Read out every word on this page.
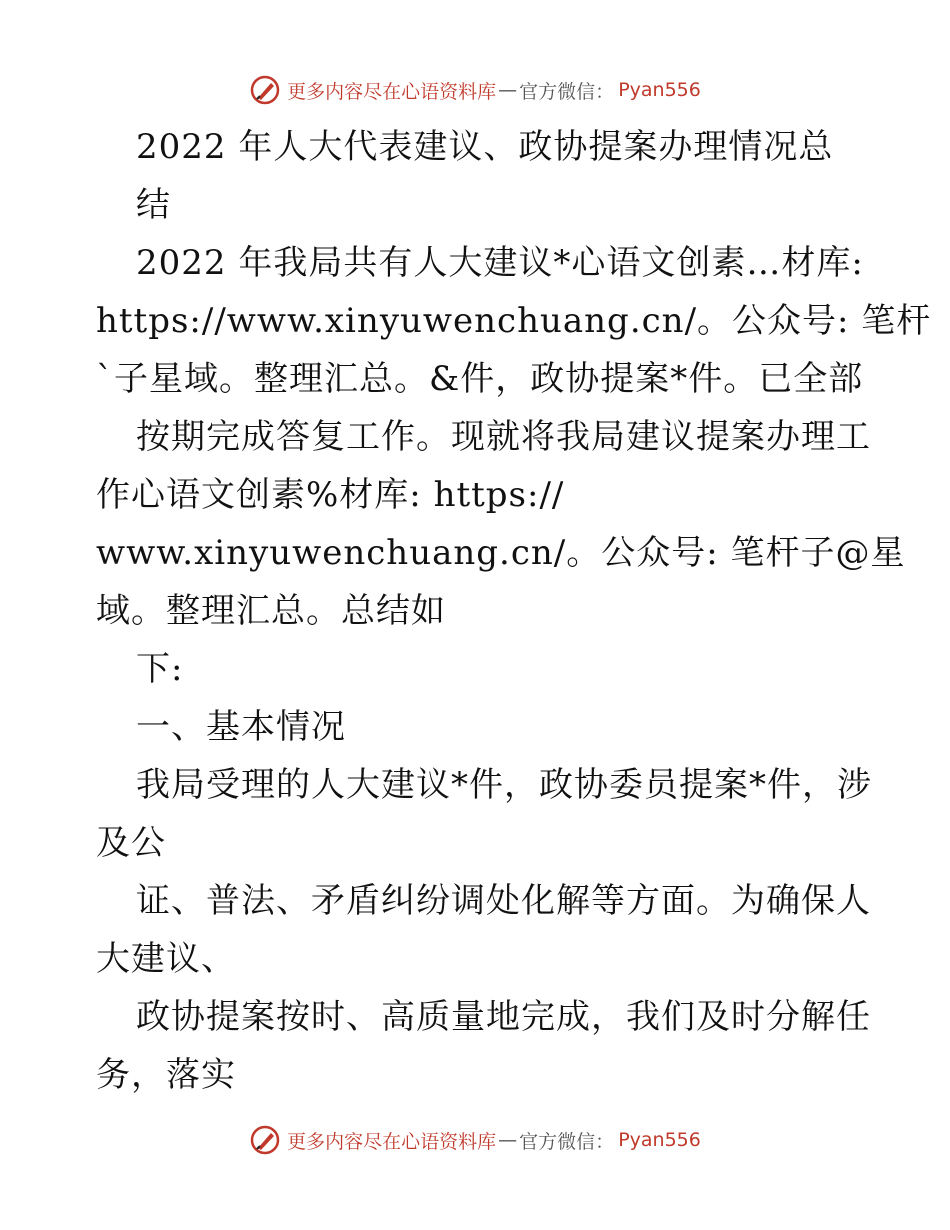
更多内容尽在心语资料库 — 官方微信： Pyan556
2022 年人大代表建议、政协提案办理情况总
结
2022 年我局共有人大建议*心语文创素…材库:
https://www.xinyuwenchuang.cn/。公众号: 笔杆
`子星域。整理汇总。&件，政协提案*件。已全部
按期完成答复工作。现就将我局建议提案办理工
作心语文创素%材库: https://
www.xinyuwenchuang.cn/。公众号: 笔杆子@星
域。整理汇总。总结如
下:
一、基本情况
我局受理的人大建议*件，政协委员提案*件，涉
及公
证、普法、矛盾纠纷调处化解等方面。为确保人
大建议、
政协提案按时、高质量地完成，我们及时分解任
务，落实
更多内容尽在心语资料库 — 官方微信： Pyan556
